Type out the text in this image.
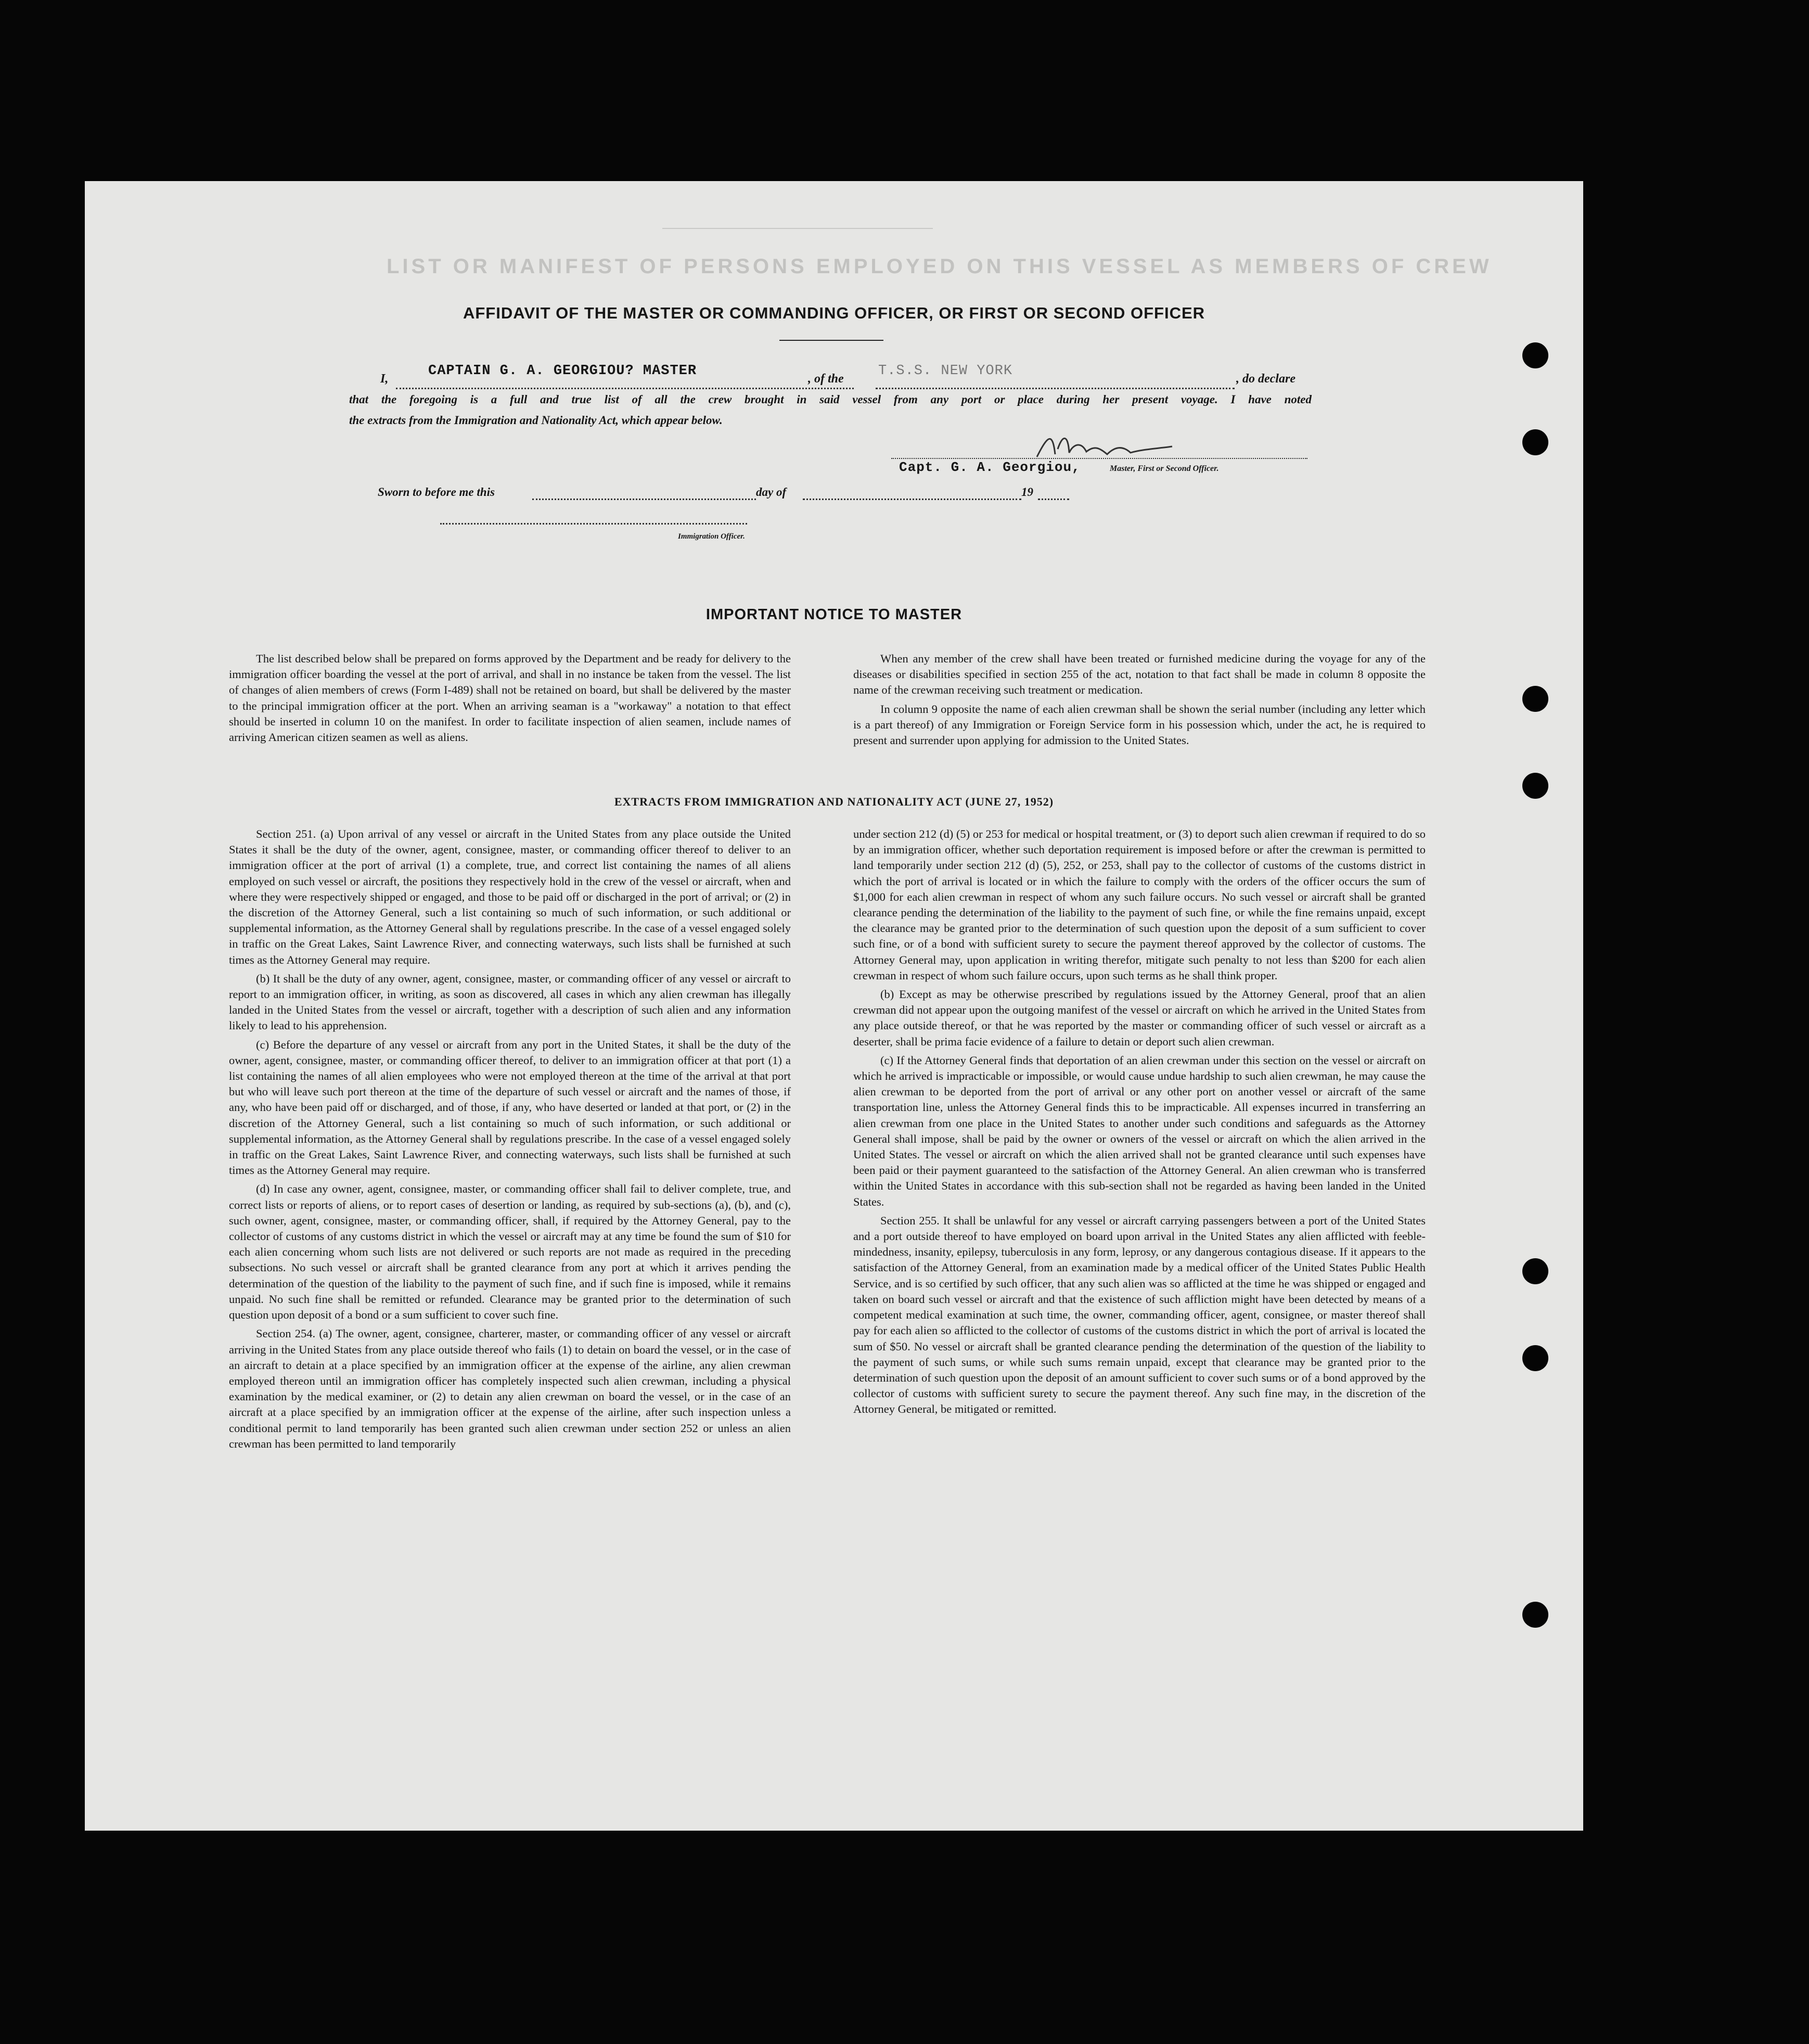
LIST OR MANIFEST OF PERSONS EMPLOYED ON THIS VESSEL AS MEMBERS OF CREW
AFFIDAVIT OF THE MASTER OR COMMANDING OFFICER, OR FIRST OR SECOND OFFICER
I,	CAPTAIN G. A. GEORGIOU? MASTER	, of the T.S.S. NEW YORK	, do declare
that the foregoing is a full and true list of all the crew brought in said vessel from any port or place during her present voyage. I have noted
the extracts from the Immigration and Nationality Act, which appear below.
Capt. G. A. Georgiou,	Master, First or Second Officer.
Sworn to before me this	day of	19
Immigration Officer.
IMPORTANT NOTICE TO MASTER

The list described below shall be prepared on forms approved by the Department and be ready for delivery to the immigration officer boarding the vessel at the port of arrival, and shall in no instance be taken from the vessel. The list of changes of alien members of crews (Form I-489) shall not be retained on board, but shall be delivered by the master to the principal immigration officer at the port. When an arriving seaman is a "workaway" a notation to that effect should be inserted in column 10 on the manifest. In order to facilitate inspection of alien seamen, include names of arriving American citizen seamen as well as aliens.

When any member of the crew shall have been treated or furnished medicine during the voyage for any of the diseases or disabilities specified in section 255 of the act, notation to that fact shall be made in column 8 opposite the name of the crewman receiving such treatment or medication.

In column 9 opposite the name of each alien crewman shall be shown the serial number (including any letter which is a part thereof) of any Immigration or Foreign Service form in his possession which, under the act, he is required to present and surrender upon applying for admission to the United States.

EXTRACTS FROM IMMIGRATION AND NATIONALITY ACT (JUNE 27, 1952)

Section 251. (a) Upon arrival of any vessel or aircraft in the United States from any place outside the United States it shall be the duty of the owner, agent, consignee, master, or commanding officer thereof to deliver to an immigration officer at the port of arrival (1) a complete, true, and correct list containing the names of all aliens employed on such vessel or aircraft, the positions they respectively hold in the crew of the vessel or aircraft, when and where they were respectively shipped or engaged, and those to be paid off or discharged in the port of arrival; or (2) in the discretion of the Attorney General, such a list containing so much of such information, or such additional or supplemental information, as the Attorney General shall by regulations prescribe. In the case of a vessel engaged solely in traffic on the Great Lakes, Saint Lawrence River, and connecting waterways, such lists shall be furnished at such times as the Attorney General may require.

(b) It shall be the duty of any owner, agent, consignee, master, or commanding officer of any vessel or aircraft to report to an immigration officer, in writing, as soon as discovered, all cases in which any alien crewman has illegally landed in the United States from the vessel or aircraft, together with a description of such alien and any information likely to lead to his apprehension.

(c) Before the departure of any vessel or aircraft from any port in the United States, it shall be the duty of the owner, agent, consignee, master, or commanding officer thereof, to deliver to an immigration officer at that port (1) a list containing the names of all alien employees who were not employed thereon at the time of the arrival at that port but who will leave such port thereon at the time of the departure of such vessel or aircraft and the names of those, if any, who have been paid off or discharged, and of those, if any, who have deserted or landed at that port, or (2) in the discretion of the Attorney General, such a list containing so much of such information, or such additional or supplemental information, as the Attorney General shall by regulations prescribe. In the case of a vessel engaged solely in traffic on the Great Lakes, Saint Lawrence River, and connecting waterways, such lists shall be furnished at such times as the Attorney General may require.

(d) In case any owner, agent, consignee, master, or commanding officer shall fail to deliver complete, true, and correct lists or reports of aliens, or to report cases of desertion or landing, as required by sub-sections (a), (b), and (c), such owner, agent, consignee, master, or commanding officer, shall, if required by the Attorney General, pay to the collector of customs of any customs district in which the vessel or aircraft may at any time be found the sum of $10 for each alien concerning whom such lists are not delivered or such reports are not made as required in the preceding subsections. No such vessel or aircraft shall be granted clearance from any port at which it arrives pending the determination of the question of the liability to the payment of such fine, and if such fine is imposed, while it remains unpaid. No such fine shall be remitted or refunded. Clearance may be granted prior to the determination of such question upon deposit of a bond or a sum sufficient to cover such fine.

Section 254. (a) The owner, agent, consignee, charterer, master, or commanding officer of any vessel or aircraft arriving in the United States from any place outside thereof who fails (1) to detain on board the vessel, or in the case of an aircraft to detain at a place specified by an immigration officer at the expense of the airline, any alien crewman employed thereon until an immigration officer has completely inspected such alien crewman, including a physical examination by the medical examiner, or (2) to detain any alien crewman on board the vessel, or in the case of an aircraft at a place specified by an immigration officer at the expense of the airline, after such inspection unless a conditional permit to land temporarily has been granted such alien crewman under section 252 or unless an alien crewman has been permitted to land temporarily

under section 212 (d) (5) or 253 for medical or hospital treatment, or (3) to deport such alien crewman if required to do so by an immigration officer, whether such deportation requirement is imposed before or after the crewman is permitted to land temporarily under section 212 (d) (5), 252, or 253, shall pay to the collector of customs of the customs district in which the port of arrival is located or in which the failure to comply with the orders of the officer occurs the sum of $1,000 for each alien crewman in respect of whom any such failure occurs. No such vessel or aircraft shall be granted clearance pending the determination of the liability to the payment of such fine, or while the fine remains unpaid, except the clearance may be granted prior to the determination of such question upon the deposit of a sum sufficient to cover such fine, or of a bond with sufficient surety to secure the payment thereof approved by the collector of customs. The Attorney General may, upon application in writing therefor, mitigate such penalty to not less than $200 for each alien crewman in respect of whom such failure occurs, upon such terms as he shall think proper.

(b) Except as may be otherwise prescribed by regulations issued by the Attorney General, proof that an alien crewman did not appear upon the outgoing manifest of the vessel or aircraft on which he arrived in the United States from any place outside thereof, or that he was reported by the master or commanding officer of such vessel or aircraft as a deserter, shall be prima facie evidence of a failure to detain or deport such alien crewman.

(c) If the Attorney General finds that deportation of an alien crewman under this section on the vessel or aircraft on which he arrived is impracticable or impossible, or would cause undue hardship to such alien crewman, he may cause the alien crewman to be deported from the port of arrival or any other port on another vessel or aircraft of the same transportation line, unless the Attorney General finds this to be impracticable. All expenses incurred in transferring an alien crewman from one place in the United States to another under such conditions and safeguards as the Attorney General shall impose, shall be paid by the owner or owners of the vessel or aircraft on which the alien arrived in the United States. The vessel or aircraft on which the alien arrived shall not be granted clearance until such expenses have been paid or their payment guaranteed to the satisfaction of the Attorney General. An alien crewman who is transferred within the United States in accordance with this sub-section shall not be regarded as having been landed in the United States.

Section 255. It shall be unlawful for any vessel or aircraft carrying passengers between a port of the United States and a port outside thereof to have employed on board upon arrival in the United States any alien afflicted with feeble-mindedness, insanity, epilepsy, tuberculosis in any form, leprosy, or any dangerous contagious disease. If it appears to the satisfaction of the Attorney General, from an examination made by a medical officer of the United States Public Health Service, and is so certified by such officer, that any such alien was so afflicted at the time he was shipped or engaged and taken on board such vessel or aircraft and that the existence of such affliction might have been detected by means of a competent medical examination at such time, the owner, commanding officer, agent, consignee, or master thereof shall pay for each alien so afflicted to the collector of customs of the customs district in which the port of arrival is located the sum of $50. No vessel or aircraft shall be granted clearance pending the determination of the question of the liability to the payment of such sums, or while such sums remain unpaid, except that clearance may be granted prior to the determination of such question upon the deposit of an amount sufficient to cover such sums or of a bond approved by the collector of customs with sufficient surety to secure the payment thereof. Any such fine may, in the discretion of the Attorney General, be mitigated or remitted.
